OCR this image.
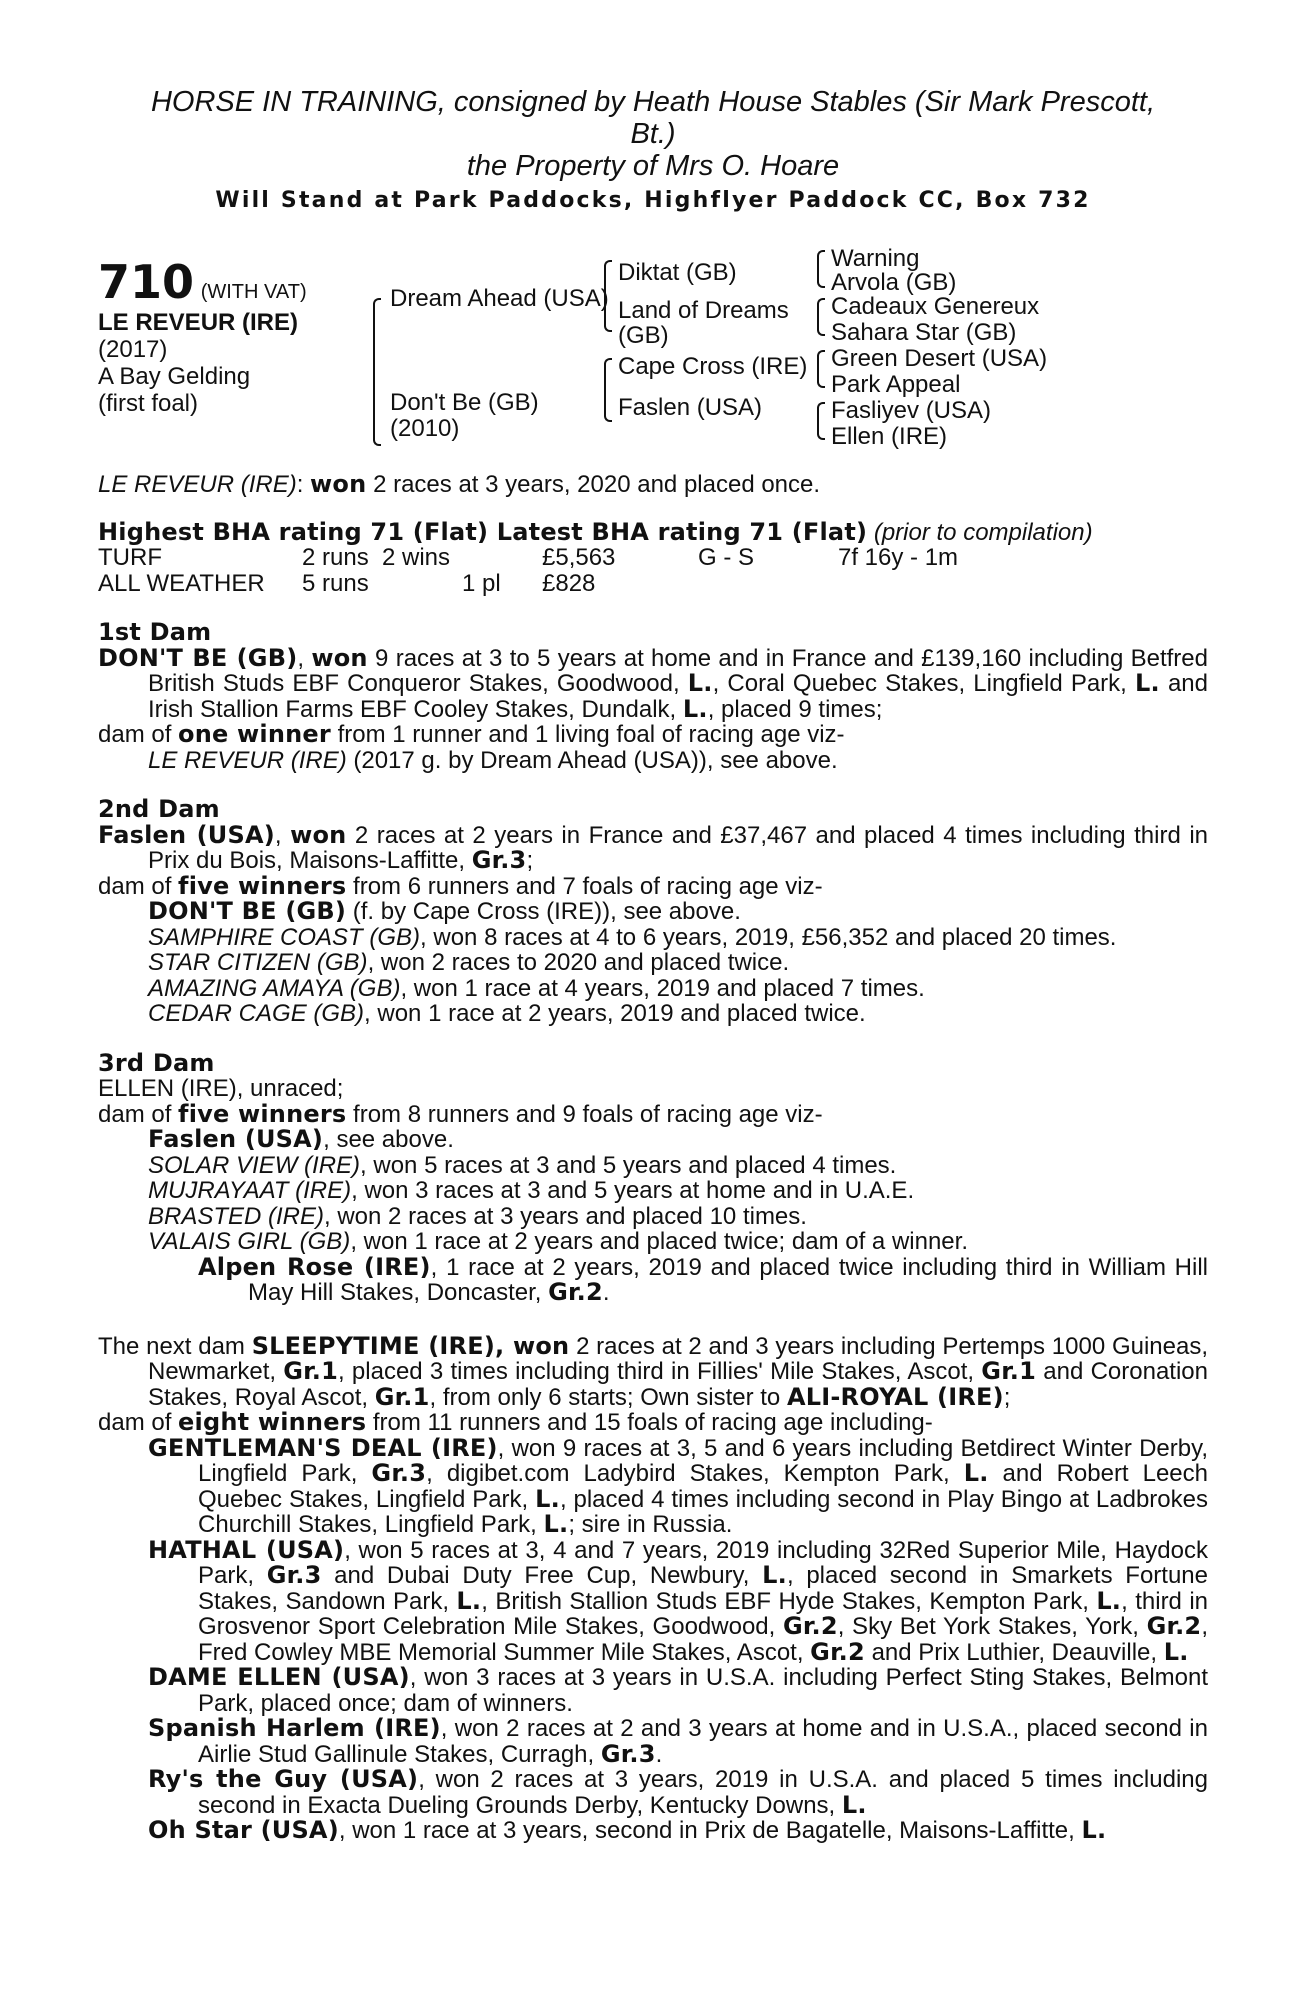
HORSE IN TRAINING, consigned by Heath House Stables (Sir Mark Prescott,
Bt.)
the Property of Mrs O. Hoare
Will Stand at Park Paddocks, Highflyer Paddock CC, Box 732
710 (WITH VAT)
LE REVEUR (IRE)
(2017)
A Bay Gelding
(first foal)
Dream Ahead (USA)
Don't Be (GB)
(2010)
Diktat (GB)
Land of Dreams
(GB)
Cape Cross (IRE)
Faslen (USA)
Warning
Arvola (GB)
Cadeaux Genereux
Sahara Star (GB)
Green Desert (USA)
Park Appeal
Fasliyev (USA)
Ellen (IRE)
LE REVEUR (IRE): won 2 races at 3 years, 2020 and placed once.

Highest BHA rating 71 (Flat) Latest BHA rating 71 (Flat) (prior to compilation)

TURF	2 runs 2 wins	£5,563	G - S	7f 16y - 1m
ALL WEATHER	5 runs	1 pl	£828

1st Dam

DON'T BE (GB), won 9 races at 3 to 5 years at home and in France and £139,160 including Betfred British Studs EBF Conqueror Stakes, Goodwood, L., Coral Quebec Stakes, Lingfield Park, L. and Irish Stallion Farms EBF Cooley Stakes, Dundalk, L., placed 9 times;

dam of one winner from 1 runner and 1 living foal of racing age viz-

LE REVEUR (IRE) (2017 g. by Dream Ahead (USA)), see above.

2nd Dam

Faslen (USA), won 2 races at 2 years in France and £37,467 and placed 4 times including third in Prix du Bois, Maisons-Laffitte, Gr.3;

dam of five winners from 6 runners and 7 foals of racing age viz-

DON'T BE (GB) (f. by Cape Cross (IRE)), see above.

SAMPHIRE COAST (GB), won 8 races at 4 to 6 years, 2019, £56,352 and placed 20 times.

STAR CITIZEN (GB), won 2 races to 2020 and placed twice.

AMAZING AMAYA (GB), won 1 race at 4 years, 2019 and placed 7 times.

CEDAR CAGE (GB), won 1 race at 2 years, 2019 and placed twice.

3rd Dam

ELLEN (IRE), unraced;

dam of five winners from 8 runners and 9 foals of racing age viz-

Faslen (USA), see above.

SOLAR VIEW (IRE), won 5 races at 3 and 5 years and placed 4 times.

MUJRAYAAT (IRE), won 3 races at 3 and 5 years at home and in U.A.E.

BRASTED (IRE), won 2 races at 3 years and placed 10 times.

VALAIS GIRL (GB), won 1 race at 2 years and placed twice; dam of a winner.

Alpen Rose (IRE), 1 race at 2 years, 2019 and placed twice including third in William Hill May Hill Stakes, Doncaster, Gr.2.

The next dam SLEEPYTIME (IRE), won 2 races at 2 and 3 years including Pertemps 1000 Guineas, Newmarket, Gr.1, placed 3 times including third in Fillies' Mile Stakes, Ascot, Gr.1 and Coronation Stakes, Royal Ascot, Gr.1, from only 6 starts; Own sister to ALI-ROYAL (IRE);

dam of eight winners from 11 runners and 15 foals of racing age including-

GENTLEMAN'S DEAL (IRE), won 9 races at 3, 5 and 6 years including Betdirect Winter Derby, Lingfield Park, Gr.3, digibet.com Ladybird Stakes, Kempton Park, L. and Robert Leech Quebec Stakes, Lingfield Park, L., placed 4 times including second in Play Bingo at Ladbrokes Churchill Stakes, Lingfield Park, L.; sire in Russia.

HATHAL (USA), won 5 races at 3, 4 and 7 years, 2019 including 32Red Superior Mile, Haydock Park, Gr.3 and Dubai Duty Free Cup, Newbury, L., placed second in Smarkets Fortune Stakes, Sandown Park, L., British Stallion Studs EBF Hyde Stakes, Kempton Park, L., third in Grosvenor Sport Celebration Mile Stakes, Goodwood, Gr.2, Sky Bet York Stakes, York, Gr.2, Fred Cowley MBE Memorial Summer Mile Stakes, Ascot, Gr.2 and Prix Luthier, Deauville, L.

DAME ELLEN (USA), won 3 races at 3 years in U.S.A. including Perfect Sting Stakes, Belmont Park, placed once; dam of winners.

Spanish Harlem (IRE), won 2 races at 2 and 3 years at home and in U.S.A., placed second in Airlie Stud Gallinule Stakes, Curragh, Gr.3.

Ry's the Guy (USA), won 2 races at 3 years, 2019 in U.S.A. and placed 5 times including second in Exacta Dueling Grounds Derby, Kentucky Downs, L.

Oh Star (USA), won 1 race at 3 years, second in Prix de Bagatelle, Maisons-Laffitte, L.
